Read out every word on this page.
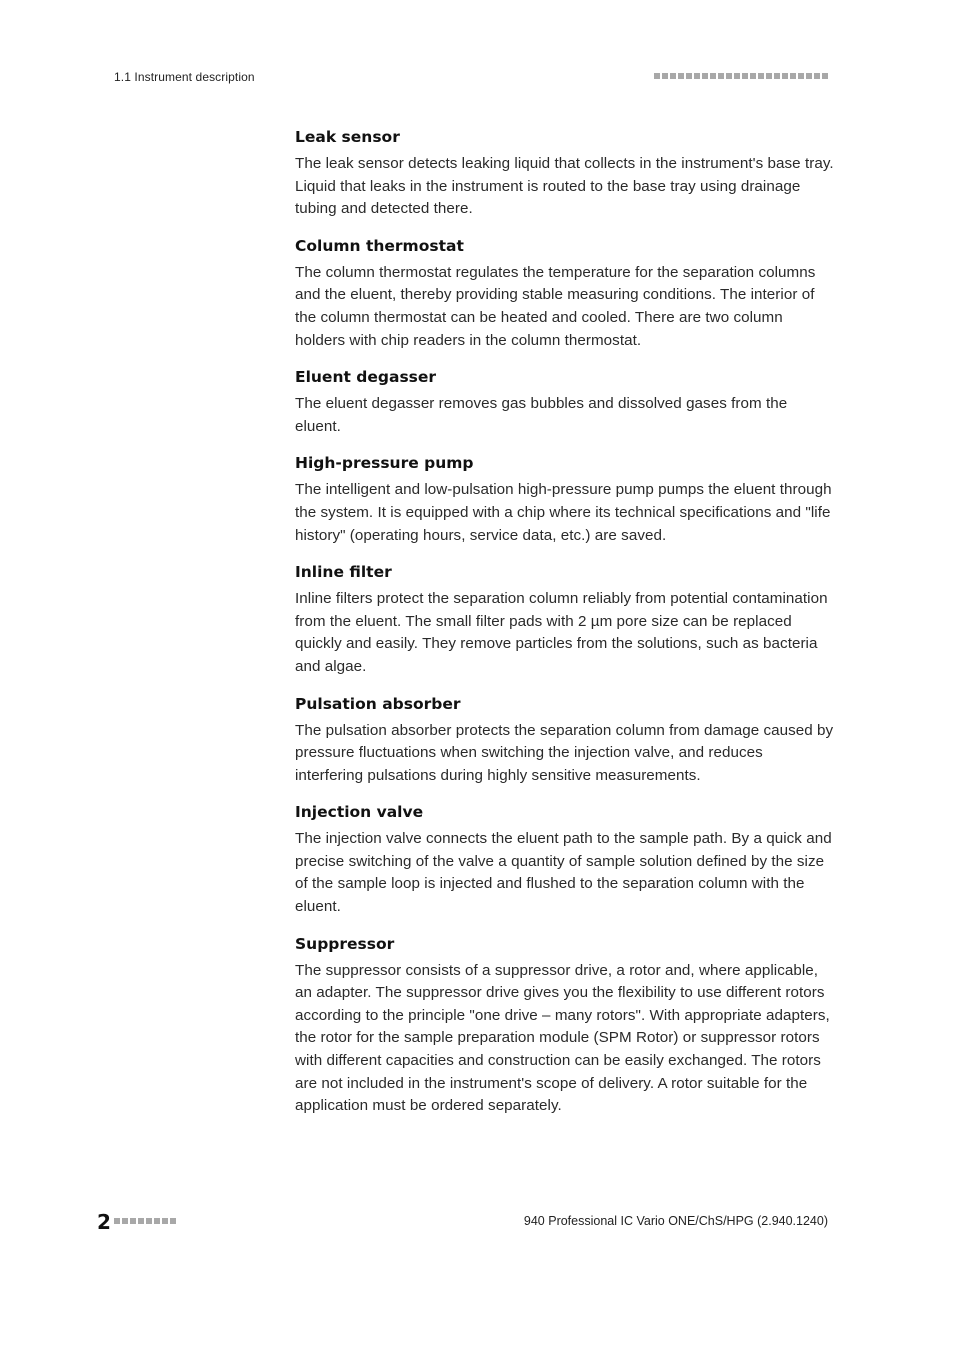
1.1 Instrument description
Leak sensor

The leak sensor detects leaking liquid that collects in the instrument's base tray. Liquid that leaks in the instrument is routed to the base tray using drainage tubing and detected there.

Column thermostat

The column thermostat regulates the temperature for the separation columns and the eluent, thereby providing stable measuring conditions. The interior of the column thermostat can be heated and cooled. There are two column holders with chip readers in the column thermostat.

Eluent degasser

The eluent degasser removes gas bubbles and dissolved gases from the eluent.

High-pressure pump

The intelligent and low-pulsation high-pressure pump pumps the eluent through the system. It is equipped with a chip where its technical specifications and "life history" (operating hours, service data, etc.) are saved.

Inline filter

Inline filters protect the separation column reliably from potential contamination from the eluent. The small filter pads with 2 µm pore size can be replaced quickly and easily. They remove particles from the solutions, such as bacteria and algae.

Pulsation absorber

The pulsation absorber protects the separation column from damage caused by pressure fluctuations when switching the injection valve, and reduces interfering pulsations during highly sensitive measurements.

Injection valve

The injection valve connects the eluent path to the sample path. By a quick and precise switching of the valve a quantity of sample solution defined by the size of the sample loop is injected and flushed to the separation column with the eluent.

Suppressor

The suppressor consists of a suppressor drive, a rotor and, where applicable, an adapter. The suppressor drive gives you the flexibility to use different rotors according to the principle "one drive – many rotors". With appropriate adapters, the rotor for the sample preparation module (SPM Rotor) or suppressor rotors with different capacities and construction can be easily exchanged. The rotors are not included in the instrument's scope of delivery. A rotor suitable for the application must be ordered separately.

2	940 Professional IC Vario ONE/ChS/HPG (2.940.1240)
